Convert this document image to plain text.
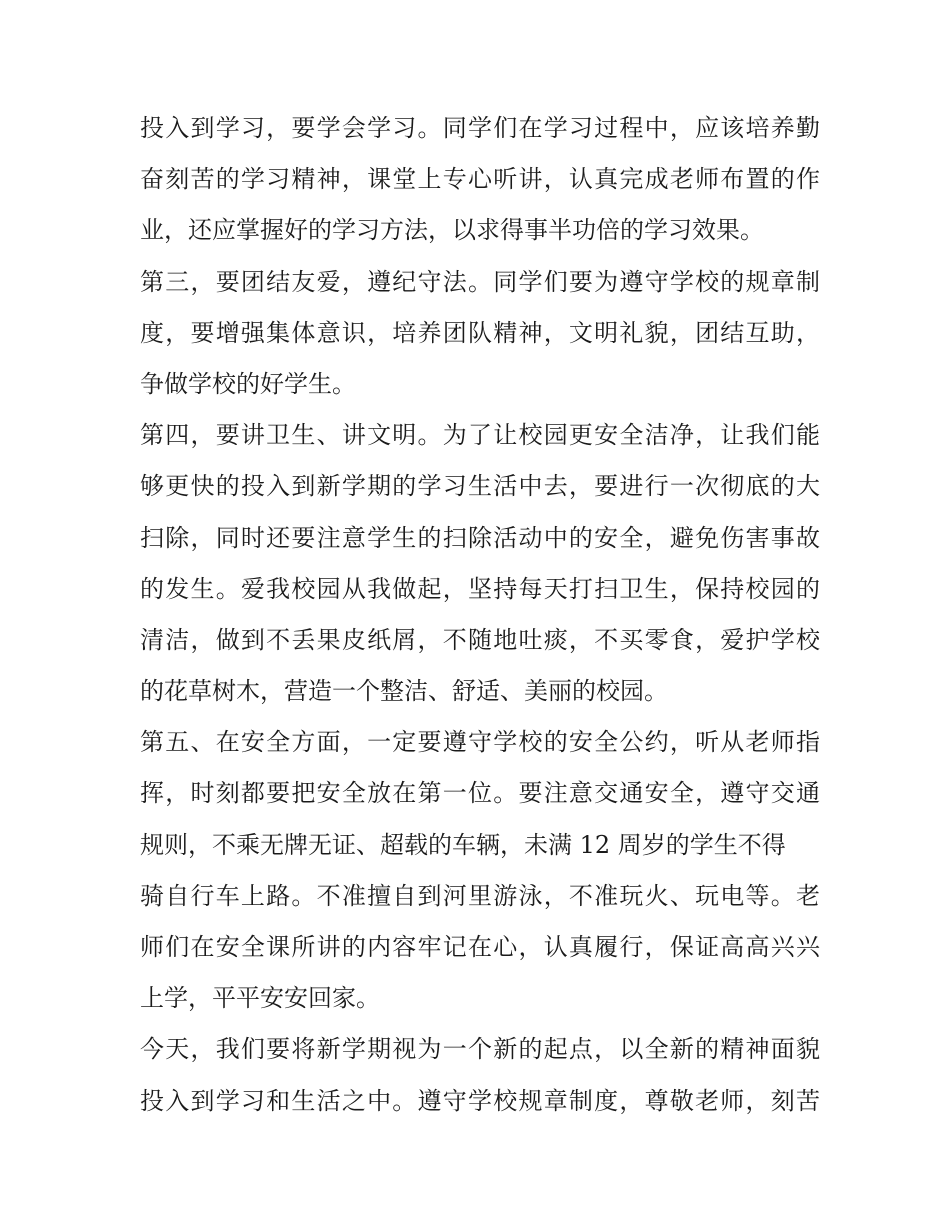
投入到学习，要学会学习。同学们在学习过程中，应该培养勤
奋刻苦的学习精神，课堂上专心听讲，认真完成老师布置的作
业，还应掌握好的学习方法，以求得事半功倍的学习效果。
第三，要团结友爱，遵纪守法。同学们要为遵守学校的规章制
度，要增强集体意识，培养团队精神，文明礼貌，团结互助，
争做学校的好学生。
第四，要讲卫生、讲文明。为了让校园更安全洁净，让我们能
够更快的投入到新学期的学习生活中去，要进行一次彻底的大
扫除，同时还要注意学生的扫除活动中的安全，避免伤害事故
的发生。爱我校园从我做起，坚持每天打扫卫生，保持校园的
清洁，做到不丢果皮纸屑，不随地吐痰，不买零食，爱护学校
的花草树木，营造一个整洁、舒适、美丽的校园。
第五、在安全方面，一定要遵守学校的安全公约，听从老师指
挥，时刻都要把安全放在第一位。要注意交通安全，遵守交通
规则，不乘无牌无证、超载的车辆，未满 12 周岁的学生不得
骑自行车上路。不准擅自到河里游泳，不准玩火、玩电等。老
师们在安全课所讲的内容牢记在心，认真履行，保证高高兴兴
上学，平平安安回家。
今天，我们要将新学期视为一个新的起点，以全新的精神面貌
投入到学习和生活之中。遵守学校规章制度，尊敬老师，刻苦
